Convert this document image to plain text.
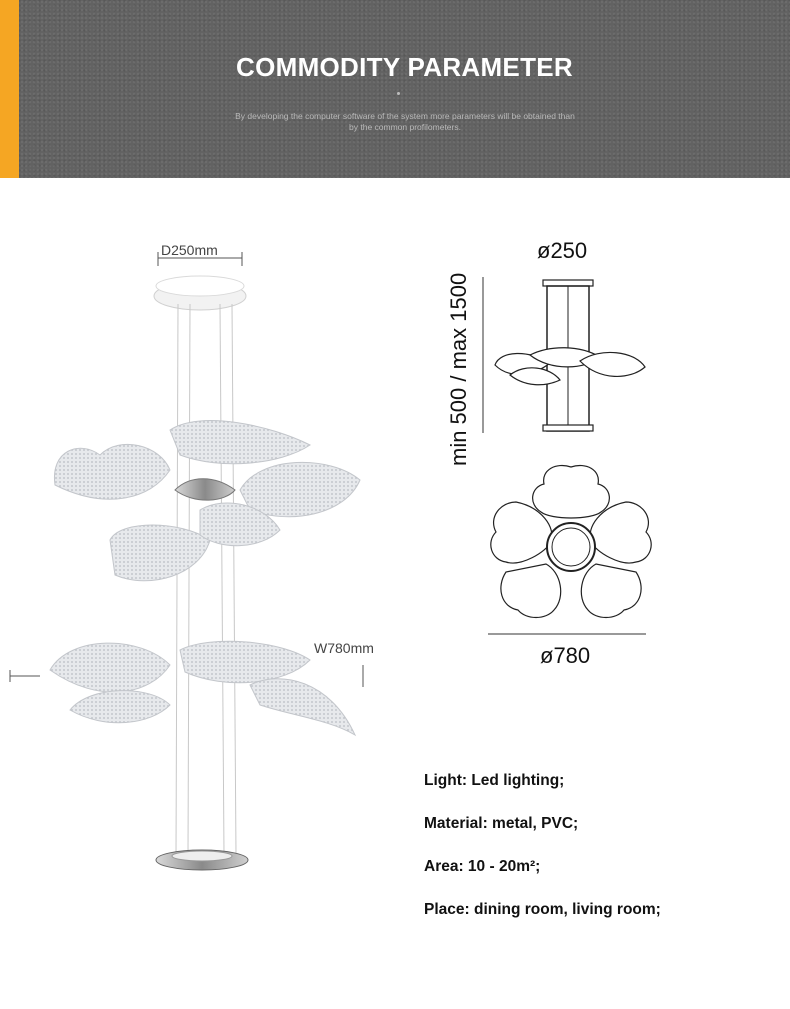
COMMODITY PARAMETER
By developing the computer software of the system more parameters will be obtained than by the common profilometers.
D250mm
W780mm
ø250
min 500 / max 1500
ø780

Light: Led lighting;

Material: metal, PVC;

Area: 10 - 20m²;

Place: dining room, living room;
